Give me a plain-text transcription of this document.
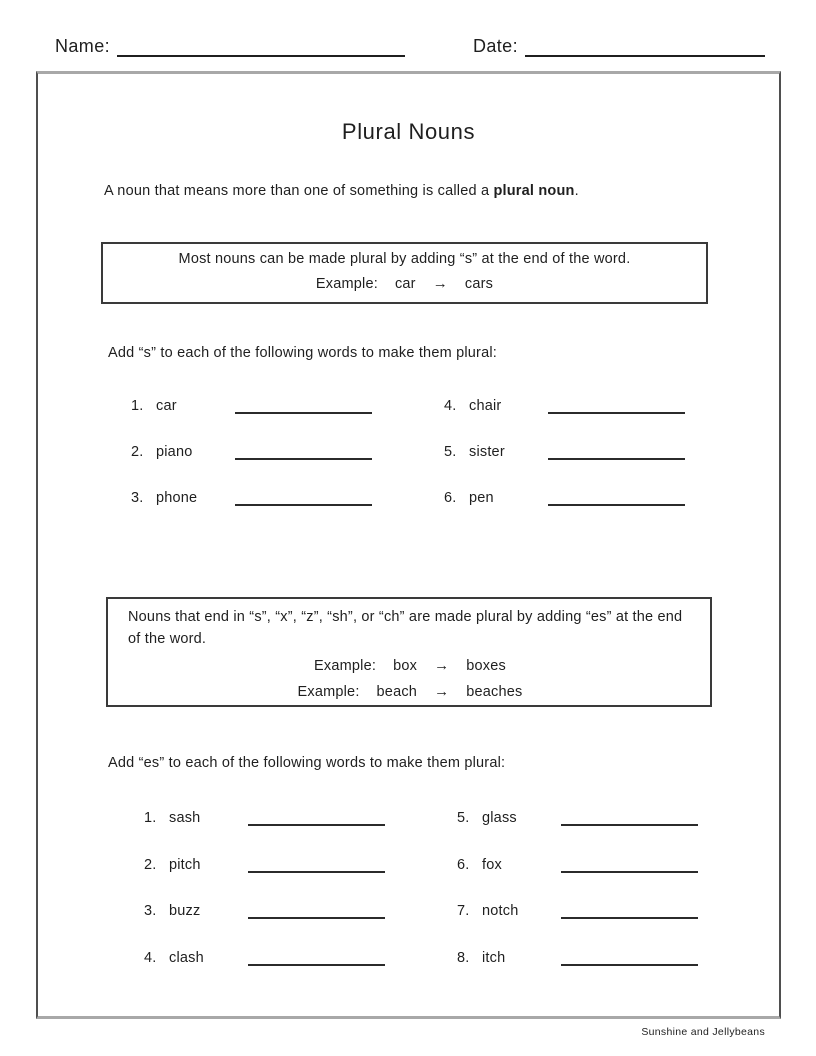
Name:	Date:
Plural Nouns

A noun that means more than one of something is called a plural noun.

Most nouns can be made plural by adding “s” at the end of the word.
Example: car → cars

Add “s” to each of the following words to make them plural:

1. car
2. piano
3. phone
4. chair
5. sister
6. pen
Nouns that end in “s”, “x”, “z”, “sh”, or “ch” are made plural by adding “es” at the end of the word.
Example: box → boxes
Example: beach → beaches

Add “es” to each of the following words to make them plural:

1. sash
2. pitch
3. buzz
4. clash
5. glass
6. fox
7. notch
8. itch
Sunshine and Jellybeans
